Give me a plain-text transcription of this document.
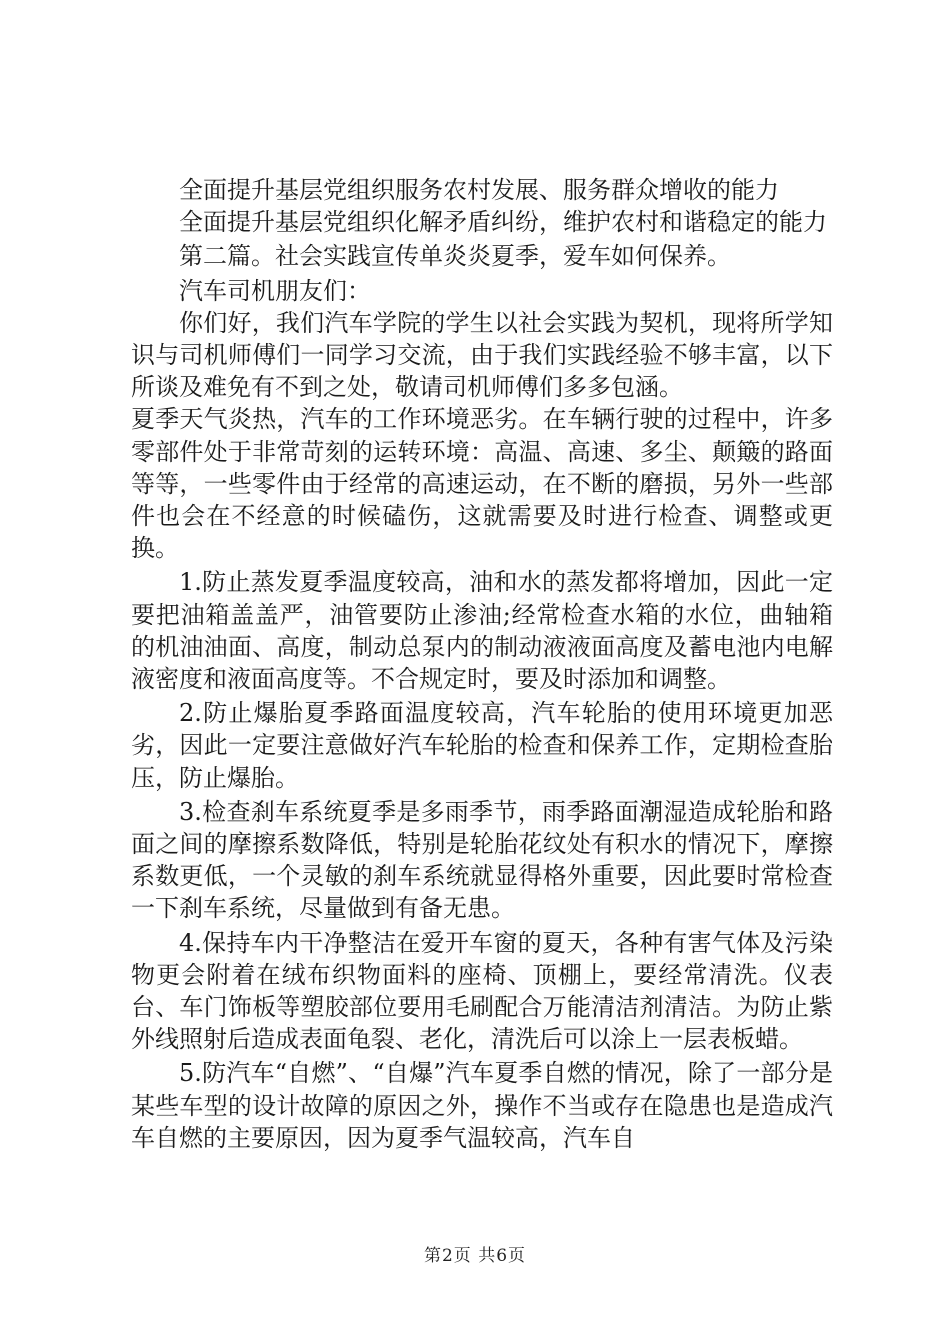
全面提升基层党组织服务农村发展、服务群众增收的能力

全面提升基层党组织化解矛盾纠纷，维护农村和谐稳定的能力

第二篇。社会实践宣传单炎炎夏季，爱车如何保养。

汽车司机朋友们：

你们好，我们汽车学院的学生以社会实践为契机，现将所学知识与司机师傅们一同学习交流，由于我们实践经验不够丰富，以下所谈及难免有不到之处，敬请司机师傅们多多包涵。

夏季天气炎热，汽车的工作环境恶劣。在车辆行驶的过程中，许多零部件处于非常苛刻的运转环境：高温、高速、多尘、颠簸的路面等等，一些零件由于经常的高速运动，在不断的磨损，另外一些部件也会在不经意的时候磕伤，这就需要及时进行检查、调整或更换。

1.防止蒸发夏季温度较高，油和水的蒸发都将增加，因此一定要把油箱盖盖严，油管要防止渗油;经常检查水箱的水位，曲轴箱的机油油面、高度，制动总泵内的制动液液面高度及蓄电池内电解液密度和液面高度等。不合规定时，要及时添加和调整。

2.防止爆胎夏季路面温度较高，汽车轮胎的使用环境更加恶劣，因此一定要注意做好汽车轮胎的检查和保养工作，定期检查胎压，防止爆胎。

3.检查刹车系统夏季是多雨季节，雨季路面潮湿造成轮胎和路面之间的摩擦系数降低，特别是轮胎花纹处有积水的情况下，摩擦系数更低，一个灵敏的刹车系统就显得格外重要，因此要时常检查一下刹车系统，尽量做到有备无患。

4.保持车内干净整洁在爱开车窗的夏天，各种有害气体及污染物更会附着在绒布织物面料的座椅、顶棚上，要经常清洗。仪表台、车门饰板等塑胶部位要用毛刷配合万能清洁剂清洁。为防止紫外线照射后造成表面龟裂、老化，清洗后可以涂上一层表板蜡。

5.防汽车“自燃”、“自爆”汽车夏季自燃的情况，除了一部分是某些车型的设计故障的原因之外，操作不当或存在隐患也是造成汽车自燃的主要原因，因为夏季气温较高，汽车自

第2页 共6页
